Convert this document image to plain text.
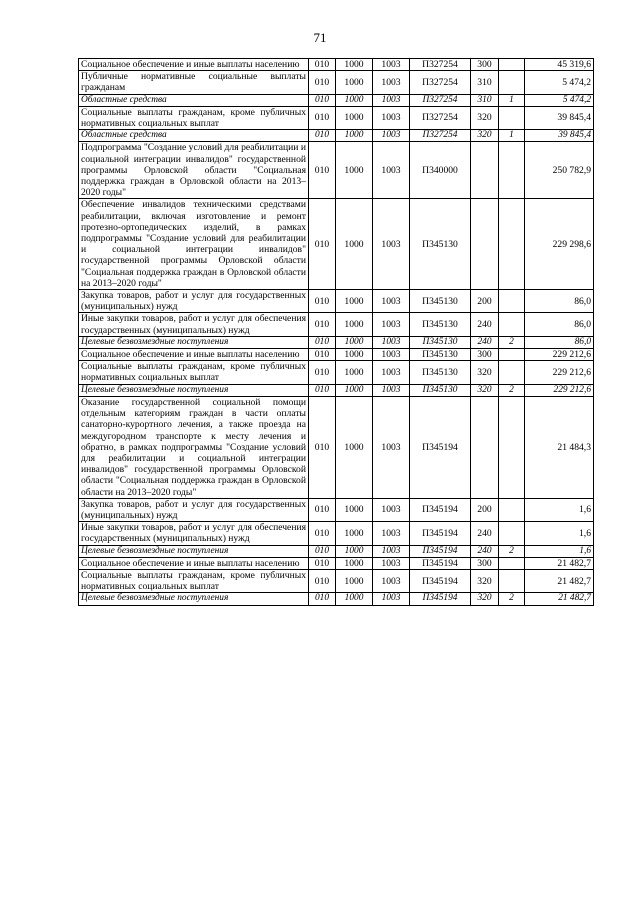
71
Социальное обеспечение и иные выплаты населению	010	1000	1003	П327254	300		45 319,6
Публичные нормативные социальные выплаты гражданам	010	1000	1003	П327254	310		5 474,2
Областные средства	010	1000	1003	П327254	310	1	5 474,2
Социальные выплаты гражданам, кроме публичных нормативных социальных выплат	010	1000	1003	П327254	320		39 845,4
Областные средства	010	1000	1003	П327254	320	1	39 845,4
Подпрограмма "Создание условий для реабилитации и социальной интеграции инвалидов" государственной программы Орловской области "Социальная поддержка граждан в Орловской области на 2013–2020 годы"	010	1000	1003	П340000			250 782,9
Обеспечение инвалидов техническими средствами реабилитации, включая изготовление и ремонт протезно-ортопедических изделий, в рамках подпрограммы "Создание условий для реабилитации и социальной интеграции инвалидов" государственной программы Орловской области "Социальная поддержка граждан в Орловской области на 2013–2020 годы"	010	1000	1003	П345130			229 298,6
Закупка товаров, работ и услуг для государственных (муниципальных) нужд	010	1000	1003	П345130	200		86,0
Иные закупки товаров, работ и услуг для обеспечения государственных (муниципальных) нужд	010	1000	1003	П345130	240		86,0
Целевые безвозмездные поступления	010	1000	1003	П345130	240	2	86,0
Социальное обеспечение и иные выплаты населению	010	1000	1003	П345130	300		229 212,6
Социальные выплаты гражданам, кроме публичных нормативных социальных выплат	010	1000	1003	П345130	320		229 212,6
Целевые безвозмездные поступления	010	1000	1003	П345130	320	2	229 212,6
Оказание государственной социальной помощи отдельным категориям граждан в части оплаты санаторно-курортного лечения, а также проезда на междугородном транспорте к месту лечения и обратно, в рамках подпрограммы "Создание условий для реабилитации и социальной интеграции инвалидов" государственной программы Орловской области "Социальная поддержка граждан в Орловской области на 2013–2020 годы"	010	1000	1003	П345194			21 484,3
Закупка товаров, работ и услуг для государственных (муниципальных) нужд	010	1000	1003	П345194	200		1,6
Иные закупки товаров, работ и услуг для обеспечения государственных (муниципальных) нужд	010	1000	1003	П345194	240		1,6
Целевые безвозмездные поступления	010	1000	1003	П345194	240	2	1,6
Социальное обеспечение и иные выплаты населению	010	1000	1003	П345194	300		21 482,7
Социальные выплаты гражданам, кроме публичных нормативных социальных выплат	010	1000	1003	П345194	320		21 482,7
Целевые безвозмездные поступления	010	1000	1003	П345194	320	2	21 482,7
